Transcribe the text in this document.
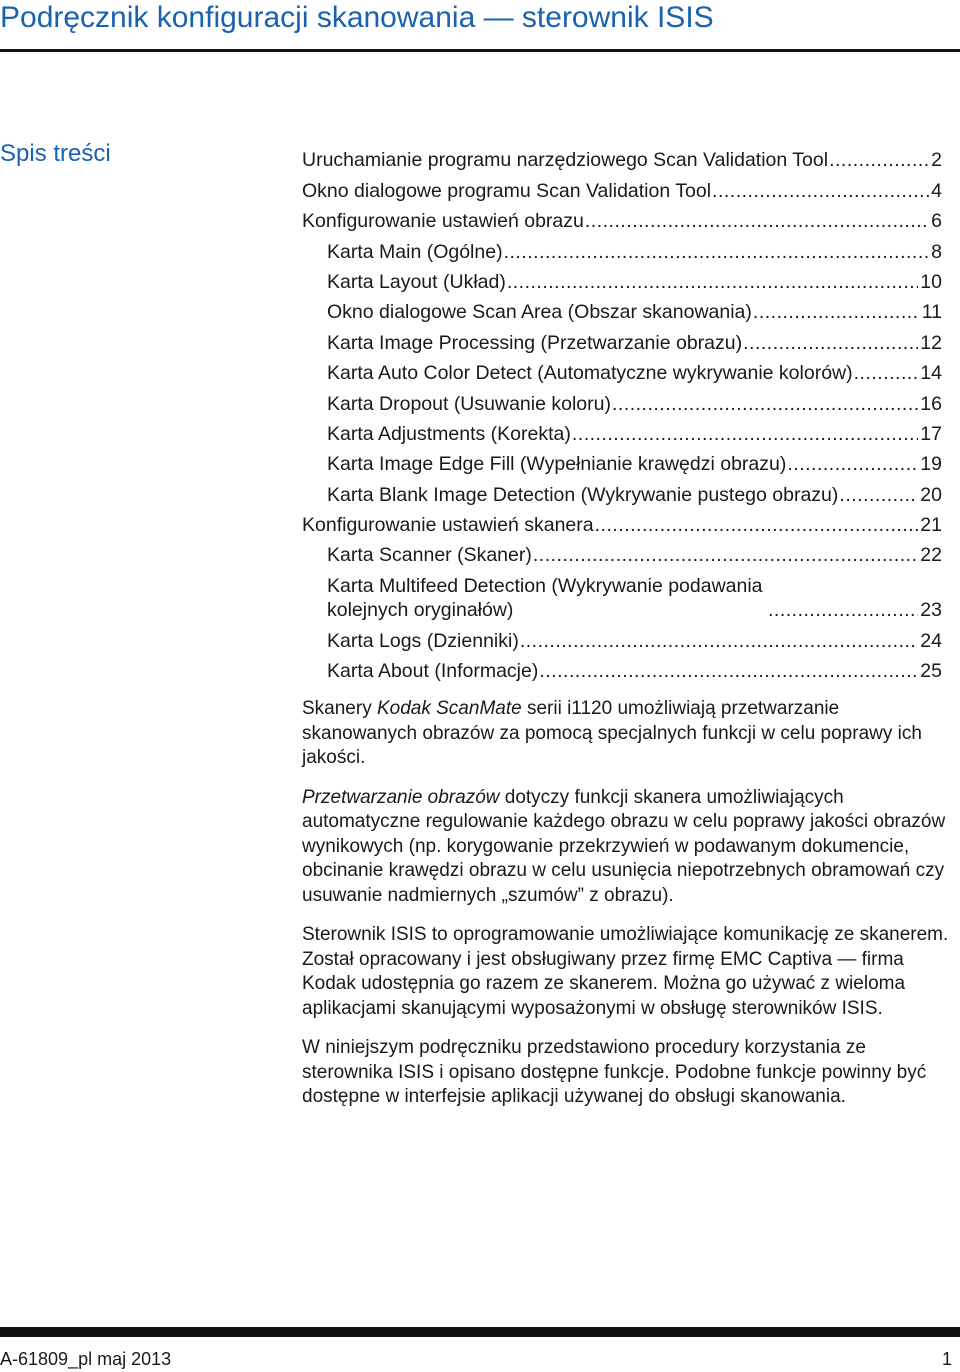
Podręcznik konfiguracji skanowania — sterownik ISIS
Spis treści	Uruchamianie programu narzędziowego Scan Validation Tool .....	2
Okno dialogowe programu Scan Validation Tool .....	4
Konfigurowanie ustawień obrazu .....	6
Karta Main (Ogólne) .....	8
Karta Layout (Układ) .....	10
Okno dialogowe Scan Area (Obszar skanowania) .....	11
Karta Image Processing (Przetwarzanie obrazu) .....	12
Karta Auto Color Detect (Automatyczne wykrywanie kolorów) .....	14
Karta Dropout (Usuwanie koloru) .....	16
Karta Adjustments (Korekta) .....	17
Karta Image Edge Fill (Wypełnianie krawędzi obrazu) .....	19
Karta Blank Image Detection (Wykrywanie pustego obrazu) .....	20
Konfigurowanie ustawień skanera .....	21
Karta Scanner (Skaner) .....	22
Karta Multifeed Detection (Wykrywanie podawania kolejnych oryginałów) .....	23
Karta Logs (Dzienniki) .....	24
Karta About (Informacje) .....	25

Skanery Kodak ScanMate serii i1120 umożliwiają przetwarzanie skanowanych obrazów za pomocą specjalnych funkcji w celu poprawy ich jakości.

Przetwarzanie obrazów dotyczy funkcji skanera umożliwiających automatyczne regulowanie każdego obrazu w celu poprawy jakości obrazów wynikowych (np. korygowanie przekrzywień w podawanym dokumencie, obcinanie krawędzi obrazu w celu usunięcia niepotrzebnych obramowań czy usuwanie nadmiernych „szumów” z obrazu).

Sterownik ISIS to oprogramowanie umożliwiające komunikację ze skanerem. Został opracowany i jest obsługiwany przez firmę EMC Captiva — firma Kodak udostępnia go razem ze skanerem. Można go używać z wieloma aplikacjami skanującymi wyposażonymi w obsługę sterowników ISIS.

W niniejszym podręczniku przedstawiono procedury korzystania ze sterownika ISIS i opisano dostępne funkcje. Podobne funkcje powinny być dostępne w interfejsie aplikacji używanej do obsługi skanowania.

A-61809_pl maj 2013	1
